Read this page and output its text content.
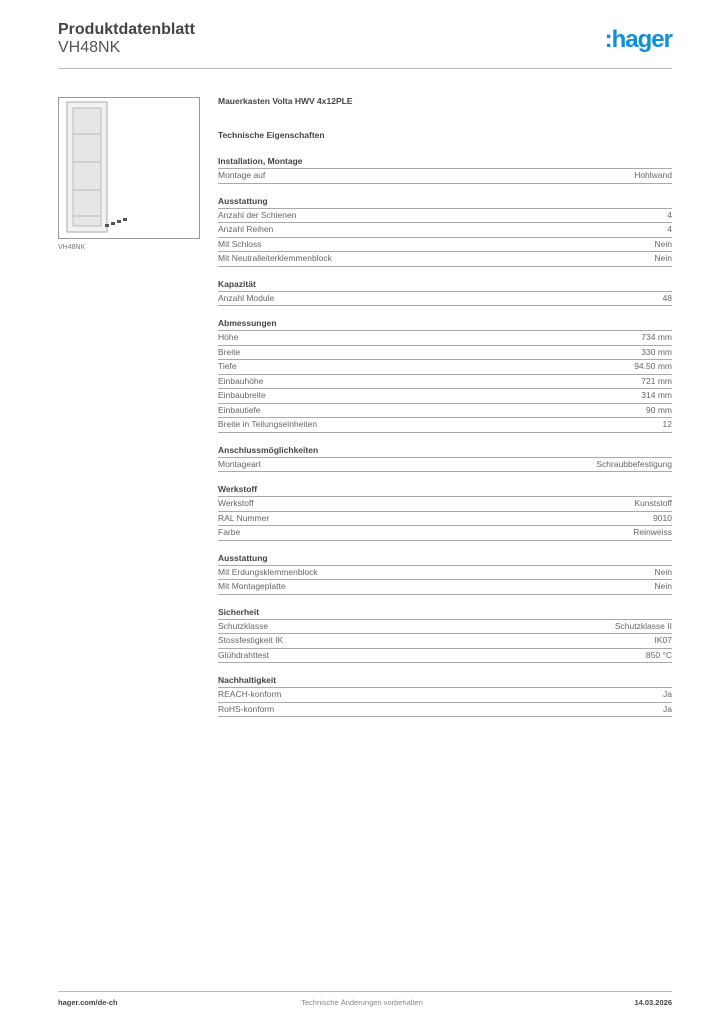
Produktdatenblatt
VH48NK	:hager
VH48NK
Mauerkasten Volta HWV 4x12PLE
Technische Eigenschaften
Installation, Montage
Montage auf	Hohlwand
Ausstattung
Anzahl der Schienen	4
Anzahl Reihen	4
Mit Schloss	Nein
Mit Neutralleiterklemmenblock	Nein
Kapazität
Anzahl Module	48
Abmessungen
Höhe	734 mm
Breite	330 mm
Tiefe	94.50 mm
Einbauhöhe	721 mm
Einbaubreite	314 mm
Einbautiefe	90 mm
Breite in Teilungseinheiten	12
Anschlussmöglichkeiten
Montageart	Schraubbefestigung
Werkstoff
Werkstoff	Kunststoff
RAL Nummer	9010
Farbe	Reinweiss
Ausstattung
Mit Erdungsklemmenblock	Nein
Mit Montageplatte	Nein
Sicherheit
Schutzklasse	Schutzklasse II
Stossfestigkeit IK	IK07
Glühdrahttest	850 °C
Nachhaltigkeit
REACH-konform	Ja
RoHS-konform	Ja
hager.com/de-ch	Technische Änderungen vorbehalten	14.03.2026
